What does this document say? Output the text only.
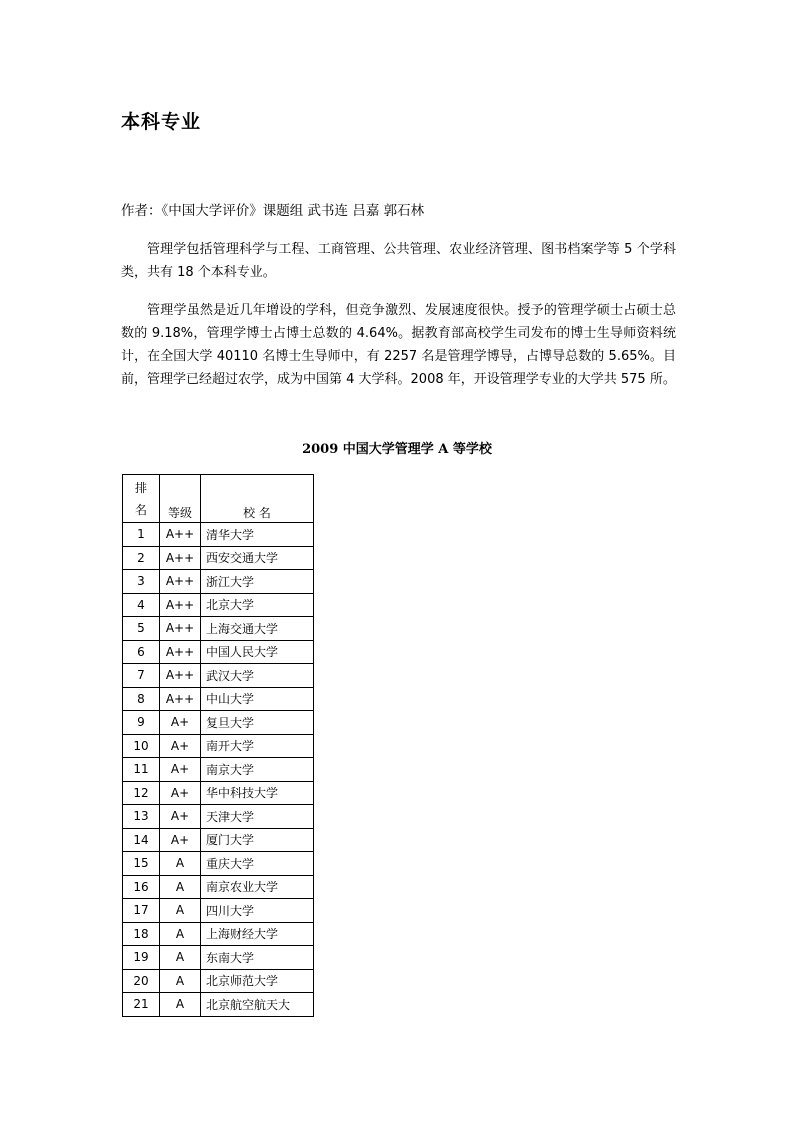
本科专业
作者：《中国大学评价》课题组 武书连 吕嘉 郭石林

管理学包括管理科学与工程、工商管理、公共管理、农业经济管理、图书档案学等 5 个学科类，共有 18 个本科专业。

管理学虽然是近几年增设的学科，但竞争激烈、发展速度很快。授予的管理学硕士占硕士总数的 9.18%，管理学博士占博士总数的 4.64%。据教育部高校学生司发布的博士生导师资料统计，在全国大学 40110 名博士生导师中，有 2257 名是管理学博导，占博导总数的 5.65%。目前，管理学已经超过农学，成为中国第 4 大学科。2008 年，开设管理学专业的大学共 575 所。

2009 中国大学管理学 A 等学校
排
名	等级	校 名
1	A++	清华大学
2	A++	西安交通大学
3	A++	浙江大学
4	A++	北京大学
5	A++	上海交通大学
6	A++	中国人民大学
7	A++	武汉大学
8	A++	中山大学
9	A+	复旦大学
10	A+	南开大学
11	A+	南京大学
12	A+	华中科技大学
13	A+	天津大学
14	A+	厦门大学
15	A	重庆大学
16	A	南京农业大学
17	A	四川大学
18	A	上海财经大学
19	A	东南大学
20	A	北京师范大学
21	A	北京航空航天大
